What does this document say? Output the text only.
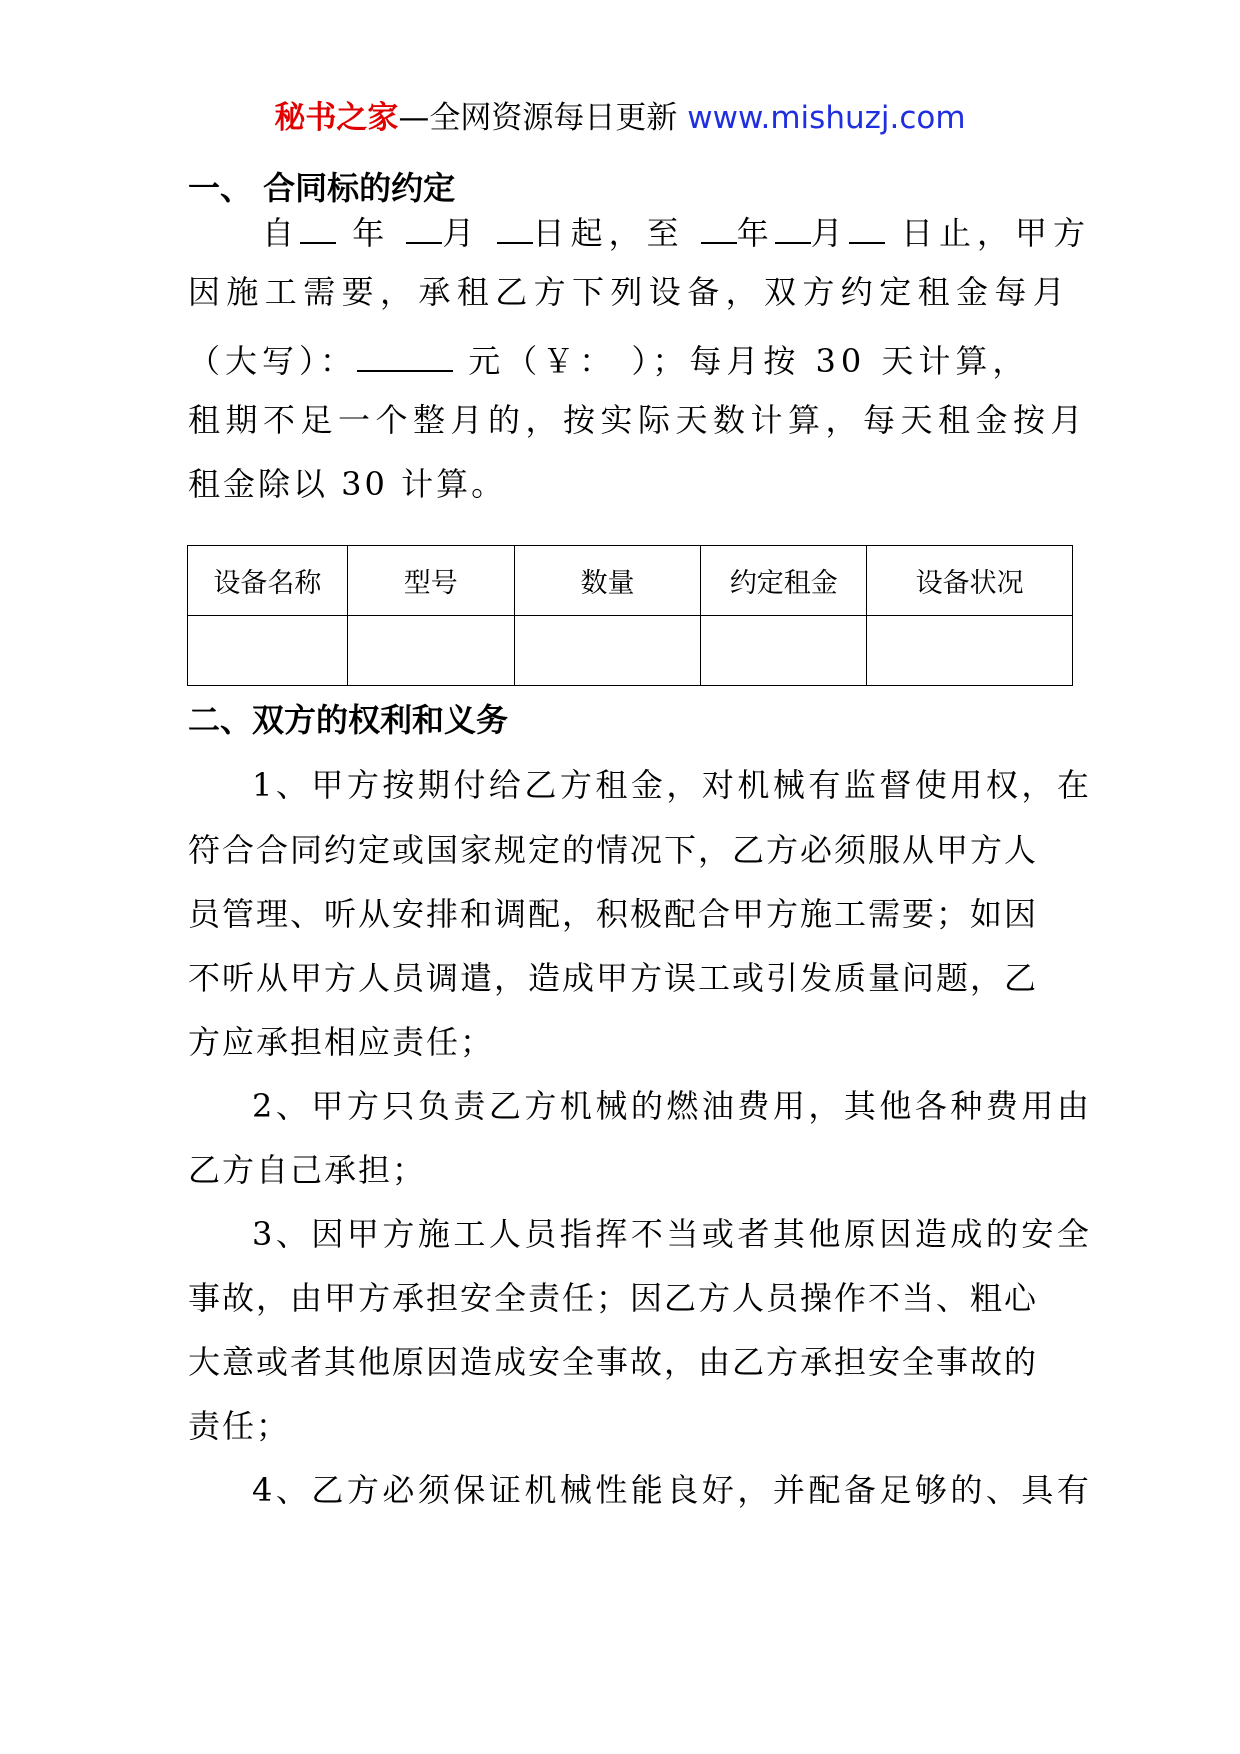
秘书之家—全网资源每日更新 www.mishuzj.com
一、 合同标的约定
自 年 月 日起，至 年 月 日止，甲方
因施工需要，承租乙方下列设备，双方约定租金每月
（大写）：	元（￥： ）；每月按 30 天计算，
租期不足一个整月的，按实际天数计算，每天租金按月
租金除以 30 计算。
设备名称	型号	数量	约定租金	设备状况

二、双方的权利和义务
1、甲方按期付给乙方租金，对机械有监督使用权，在
符合合同约定或国家规定的情况下，乙方必须服从甲方人
员管理、听从安排和调配，积极配合甲方施工需要；如因
不听从甲方人员调遣，造成甲方误工或引发质量问题，乙
方应承担相应责任；
2、甲方只负责乙方机械的燃油费用，其他各种费用由
乙方自己承担；
3、因甲方施工人员指挥不当或者其他原因造成的安全
事故，由甲方承担安全责任；因乙方人员操作不当、粗心
大意或者其他原因造成安全事故，由乙方承担安全事故的
责任；
4、乙方必须保证机械性能良好，并配备足够的、具有
